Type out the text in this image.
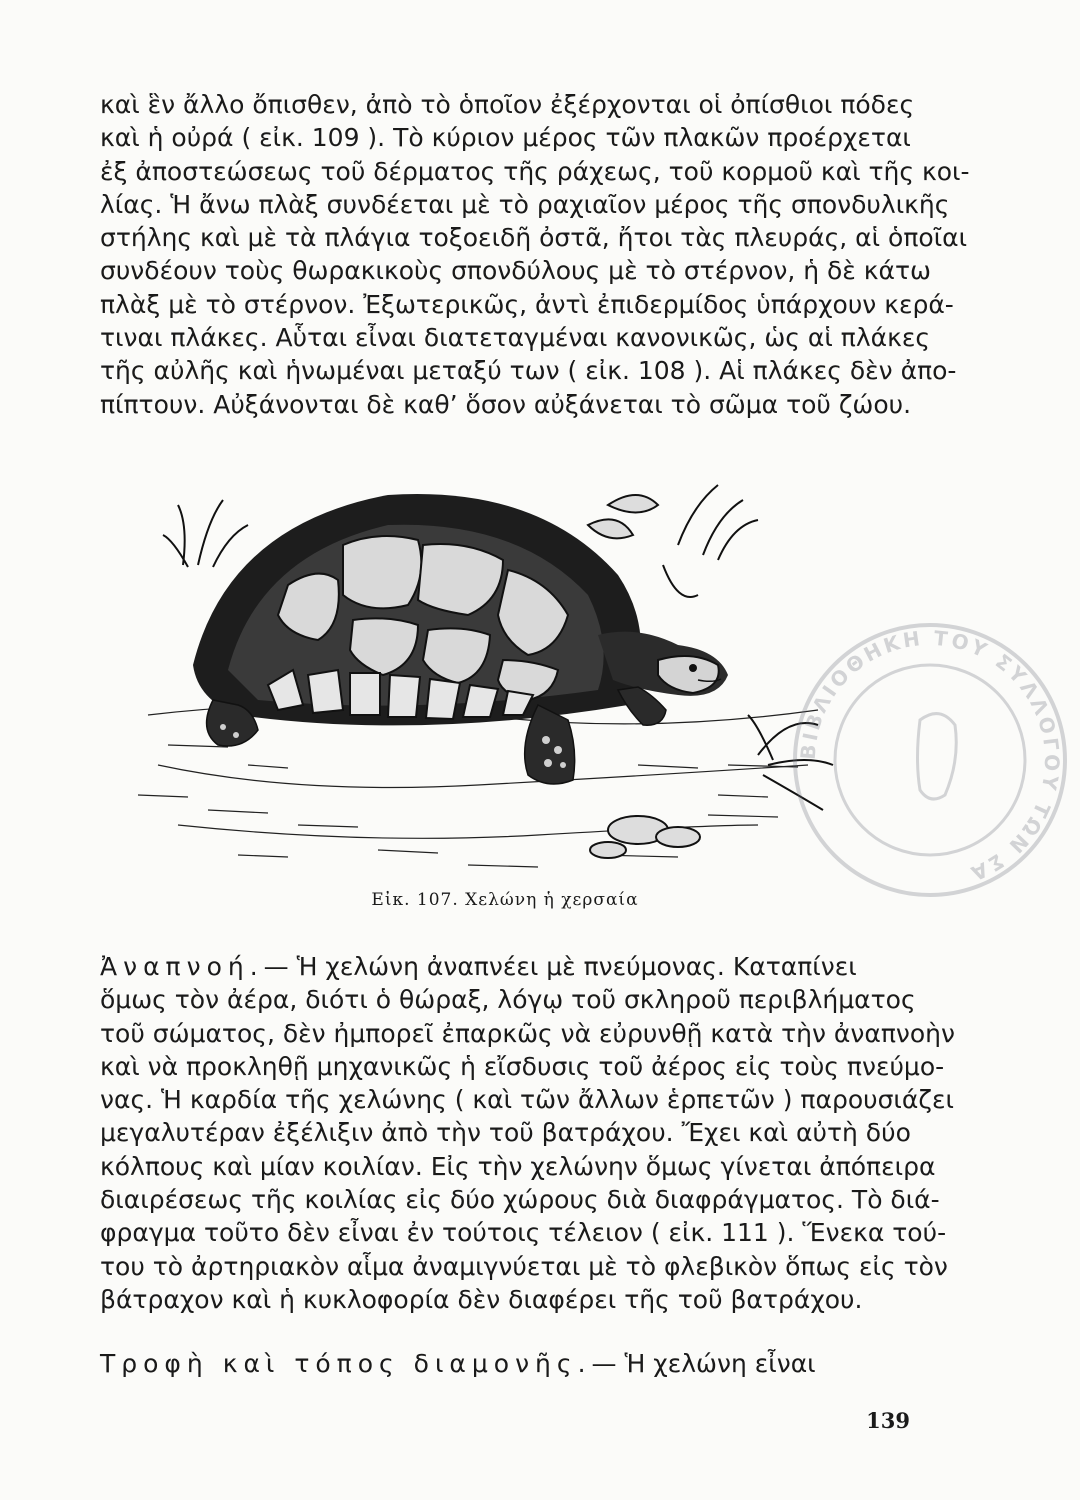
καὶ ἓν ἄλλο ὄπισθεν, ἀπὸ τὸ ὁποῖον ἐξέρχονται οἱ ὀπίσθιοι πόδες
καὶ ἡ οὐρά ( εἰκ. 109 ). Τὸ κύριον μέρος τῶν πλακῶν προέρχεται
ἐξ ἀποστεώσεως τοῦ δέρματος τῆς ράχεως, τοῦ κορμοῦ καὶ τῆς κοι-
λίας. Ἡ ἄνω πλὰξ συνδέεται μὲ τὸ ραχιαῖον μέρος τῆς σπονδυλικῆς
στήλης καὶ μὲ τὰ πλάγια τοξοειδῆ ὀστᾶ, ἤτοι τὰς πλευράς, αἱ ὁποῖαι
συνδέουν τοὺς θωρακικοὺς σπονδύλους μὲ τὸ στέρνον, ἡ δὲ κάτω
πλὰξ μὲ τὸ στέρνον. Ἐξωτερικῶς, ἀντὶ ἐπιδερμίδος ὑπάρχουν κερά-
τιναι πλάκες. Αὗται εἶναι διατεταγμέναι κανονικῶς, ὡς αἱ πλάκες
τῆς αὐλῆς καὶ ἡνωμέναι μεταξύ των ( εἰκ. 108 ). Αἱ πλάκες δὲν ἀπο-
πίπτουν. Αὐξάνονται δὲ καθ’ ὅσον αὐξάνεται τὸ σῶμα τοῦ ζώου.
Εἰκ. 107. Χελώνη ἡ χερσαία
Ἀναπνοή.— Ἡ χελώνη ἀναπνέει μὲ πνεύμονας. Καταπίνει
ὅμως τὸν ἀέρα, διότι ὁ θώραξ, λόγῳ τοῦ σκληροῦ περιβλήματος
τοῦ σώματος, δὲν ἠμπορεῖ ἐπαρκῶς νὰ εὐρυνθῇ κατὰ τὴν ἀναπνοὴν
καὶ νὰ προκληθῇ μηχανικῶς ἡ εἴσδυσις τοῦ ἀέρος εἰς τοὺς πνεύμο-
νας. Ἡ καρδία τῆς χελώνης ( καὶ τῶν ἄλλων ἑρπετῶν ) παρουσιάζει
μεγαλυτέραν ἐξέλιξιν ἀπὸ τὴν τοῦ βατράχου. Ἔχει καὶ αὐτὴ δύο
κόλπους καὶ μίαν κοιλίαν. Εἰς τὴν χελώνην ὅμως γίνεται ἀπόπειρα
διαιρέσεως τῆς κοιλίας εἰς δύο χώρους διὰ διαφράγματος. Τὸ διά-
φραγμα τοῦτο δὲν εἶναι ἐν τούτοις τέλειον ( εἰκ. 111 ). Ἕνεκα τού-
του τὸ ἀρτηριακὸν αἷμα ἀναμιγνύεται μὲ τὸ φλεβικὸν ὅπως εἰς τὸν
βάτραχον καὶ ἡ κυκλοφορία δὲν διαφέρει τῆς τοῦ βατράχου.
Τροφὴ καὶ τόπος διαμονῆς.— Ἡ χελώνη εἶναι
139
ΒΙΒΛΙΟΘΗΚΗ ΤΟΥ ΣΥΛΛΟΓΟΥ ΤΩΝ ΣΑ
